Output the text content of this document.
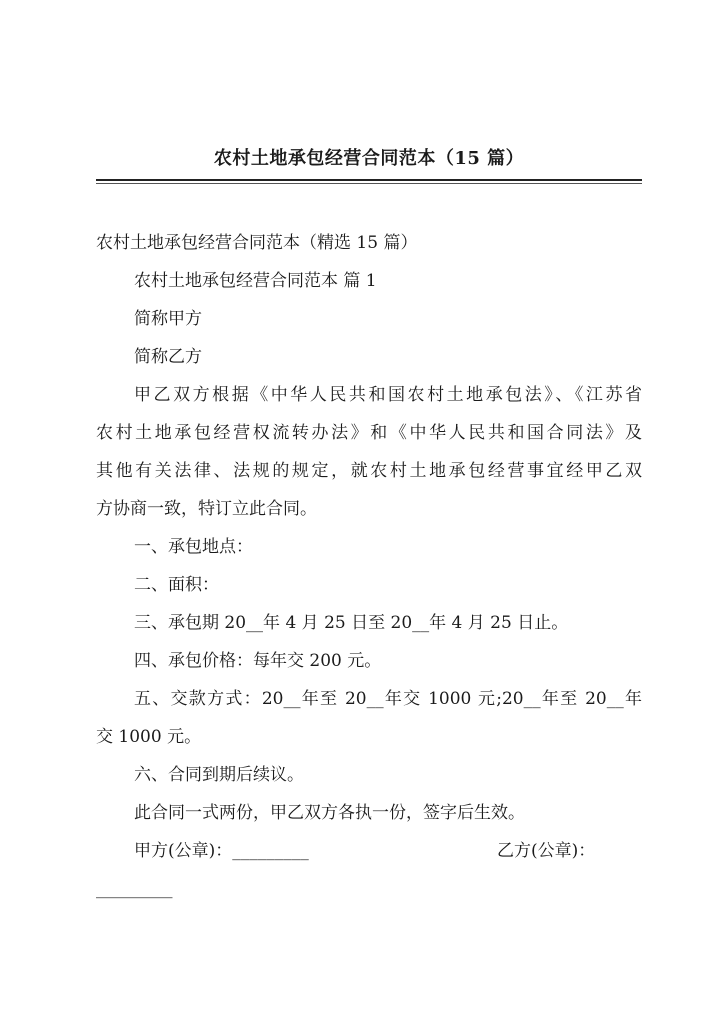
农村土地承包经营合同范本（15 篇）
农村土地承包经营合同范本（精选 15 篇）
农村土地承包经营合同范本 篇 1
简称甲方
简称乙方
甲乙双方根据《中华人民共和国农村土地承包法》、《江苏省
农村土地承包经营权流转办法》和《中华人民共和国合同法》及
其他有关法律、法规的规定，就农村土地承包经营事宜经甲乙双
方协商一致，特订立此合同。
一、承包地点：
二、面积：
三、承包期 20__年 4 月 25 日至 20__年 4 月 25 日止。
四、承包价格：每年交 200 元。
五、交款方式：20__年至 20__年交 1000 元;20__年至 20__年
交 1000 元。
六、合同到期后续议。
此合同一式两份，甲乙双方各执一份，签字后生效。
甲方(公章)：_________	乙方(公章)：
_________
